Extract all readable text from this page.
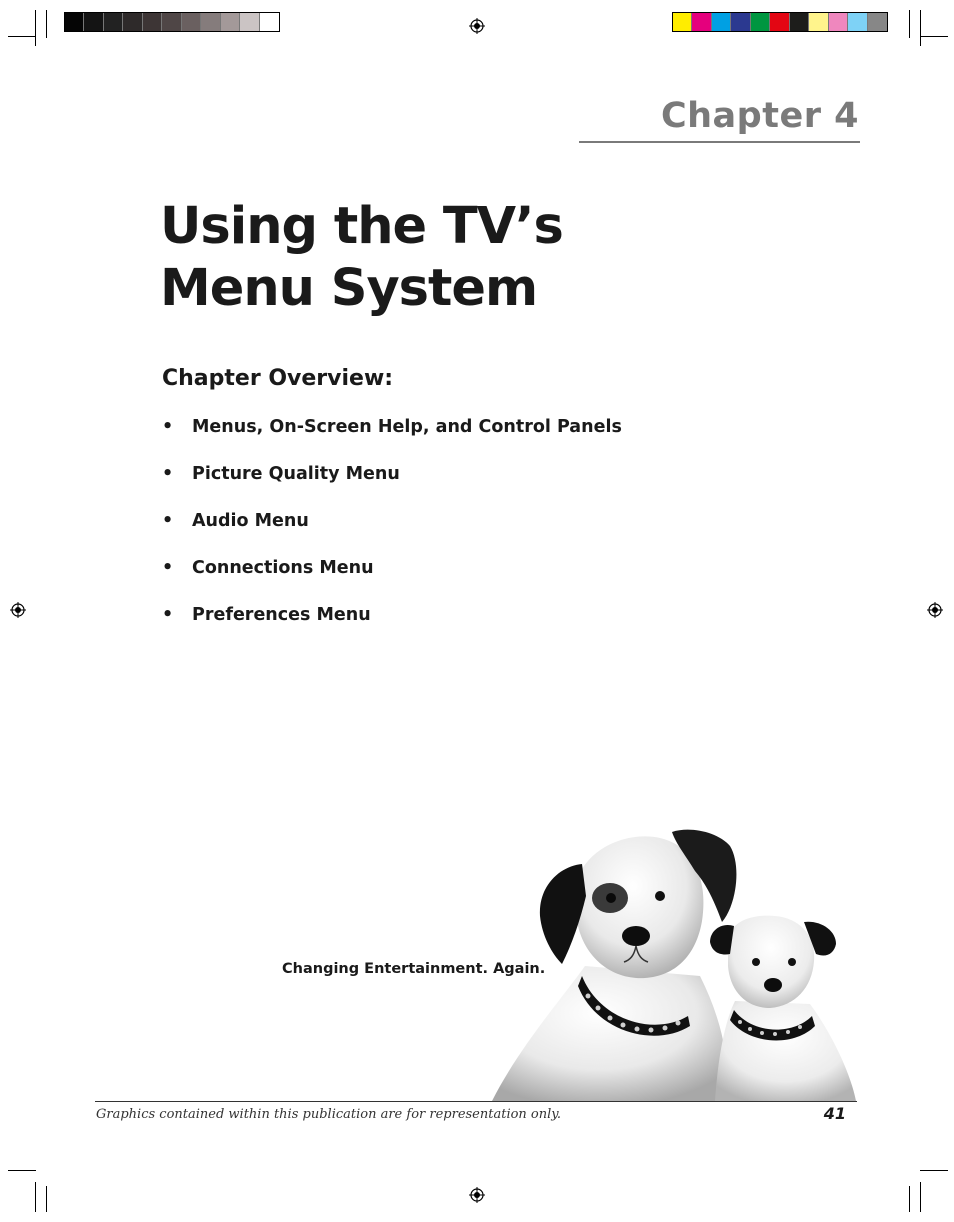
Chapter 4
Using the TV’s
Menu System
Chapter Overview:
•	Menus, On-Screen Help, and Control Panels
•	Picture Quality Menu
•	Audio Menu
•	Connections Menu
•	Preferences Menu
Changing Entertainment. Again.
Graphics contained within this publication are for representation only.	41
